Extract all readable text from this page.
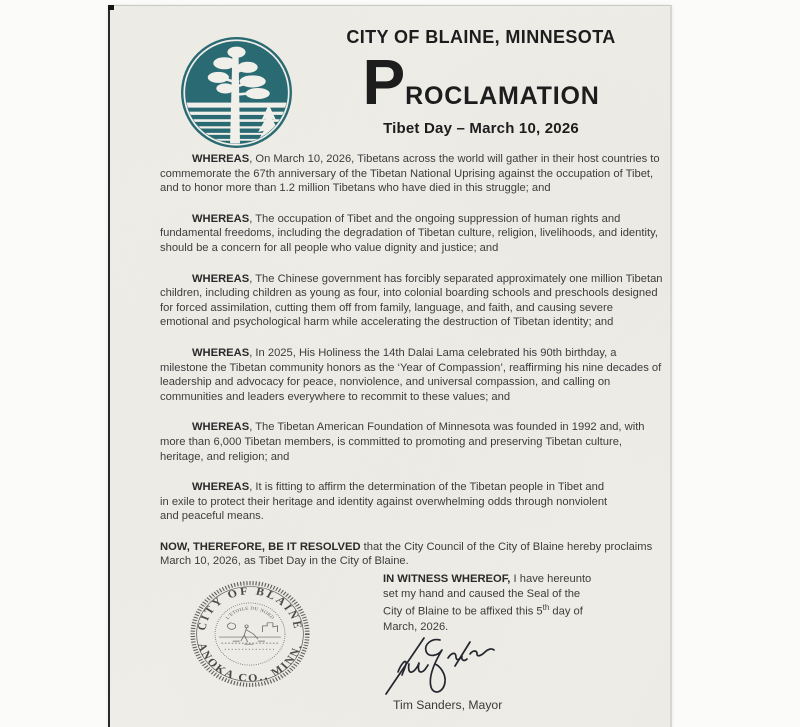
CITY OF BLAINE, MINNESOTA
P ROCLAMATION
Tibet Day – March 10, 2026

WHEREAS, On March 10, 2026, Tibetans across the world will gather in their host countries to commemorate the 67th anniversary of the Tibetan National Uprising against the occupation of Tibet, and to honor more than 1.2 million Tibetans who have died in this struggle; and

WHEREAS, The occupation of Tibet and the ongoing suppression of human rights and fundamental freedoms, including the degradation of Tibetan culture, religion, livelihoods, and identity, should be a concern for all people who value dignity and justice; and

WHEREAS, The Chinese government has forcibly separated approximately one million Tibetan children, including children as young as four, into colonial boarding schools and preschools designed for forced assimilation, cutting them off from family, language, and faith, and causing severe emotional and psychological harm while accelerating the destruction of Tibetan identity; and

WHEREAS, In 2025, His Holiness the 14th Dalai Lama celebrated his 90th birthday, a milestone the Tibetan community honors as the ‘Year of Compassion’, reaffirming his nine decades of leadership and advocacy for peace, nonviolence, and universal compassion, and calling on communities and leaders everywhere to recommit to these values; and

WHEREAS, The Tibetan American Foundation of Minnesota was founded in 1992 and, with more than 6,000 Tibetan members, is committed to promoting and preserving Tibetan culture, heritage, and religion; and

WHEREAS, It is fitting to affirm the determination of the Tibetan people in Tibet and in exile to protect their heritage and identity against overwhelming odds through nonviolent and peaceful means.

NOW, THEREFORE, BE IT RESOLVED that the City Council of the City of Blaine hereby proclaims March 10, 2026, as Tibet Day in the City of Blaine.

IN WITNESS WHEREOF, I have hereunto set my hand and caused the Seal of the City of Blaine to be affixed this 5th day of March, 2026.
CITY OF BLAINE
ANOKA CO., MINN.
L'ETOILE DU NORD
Tim Sanders, Mayor
